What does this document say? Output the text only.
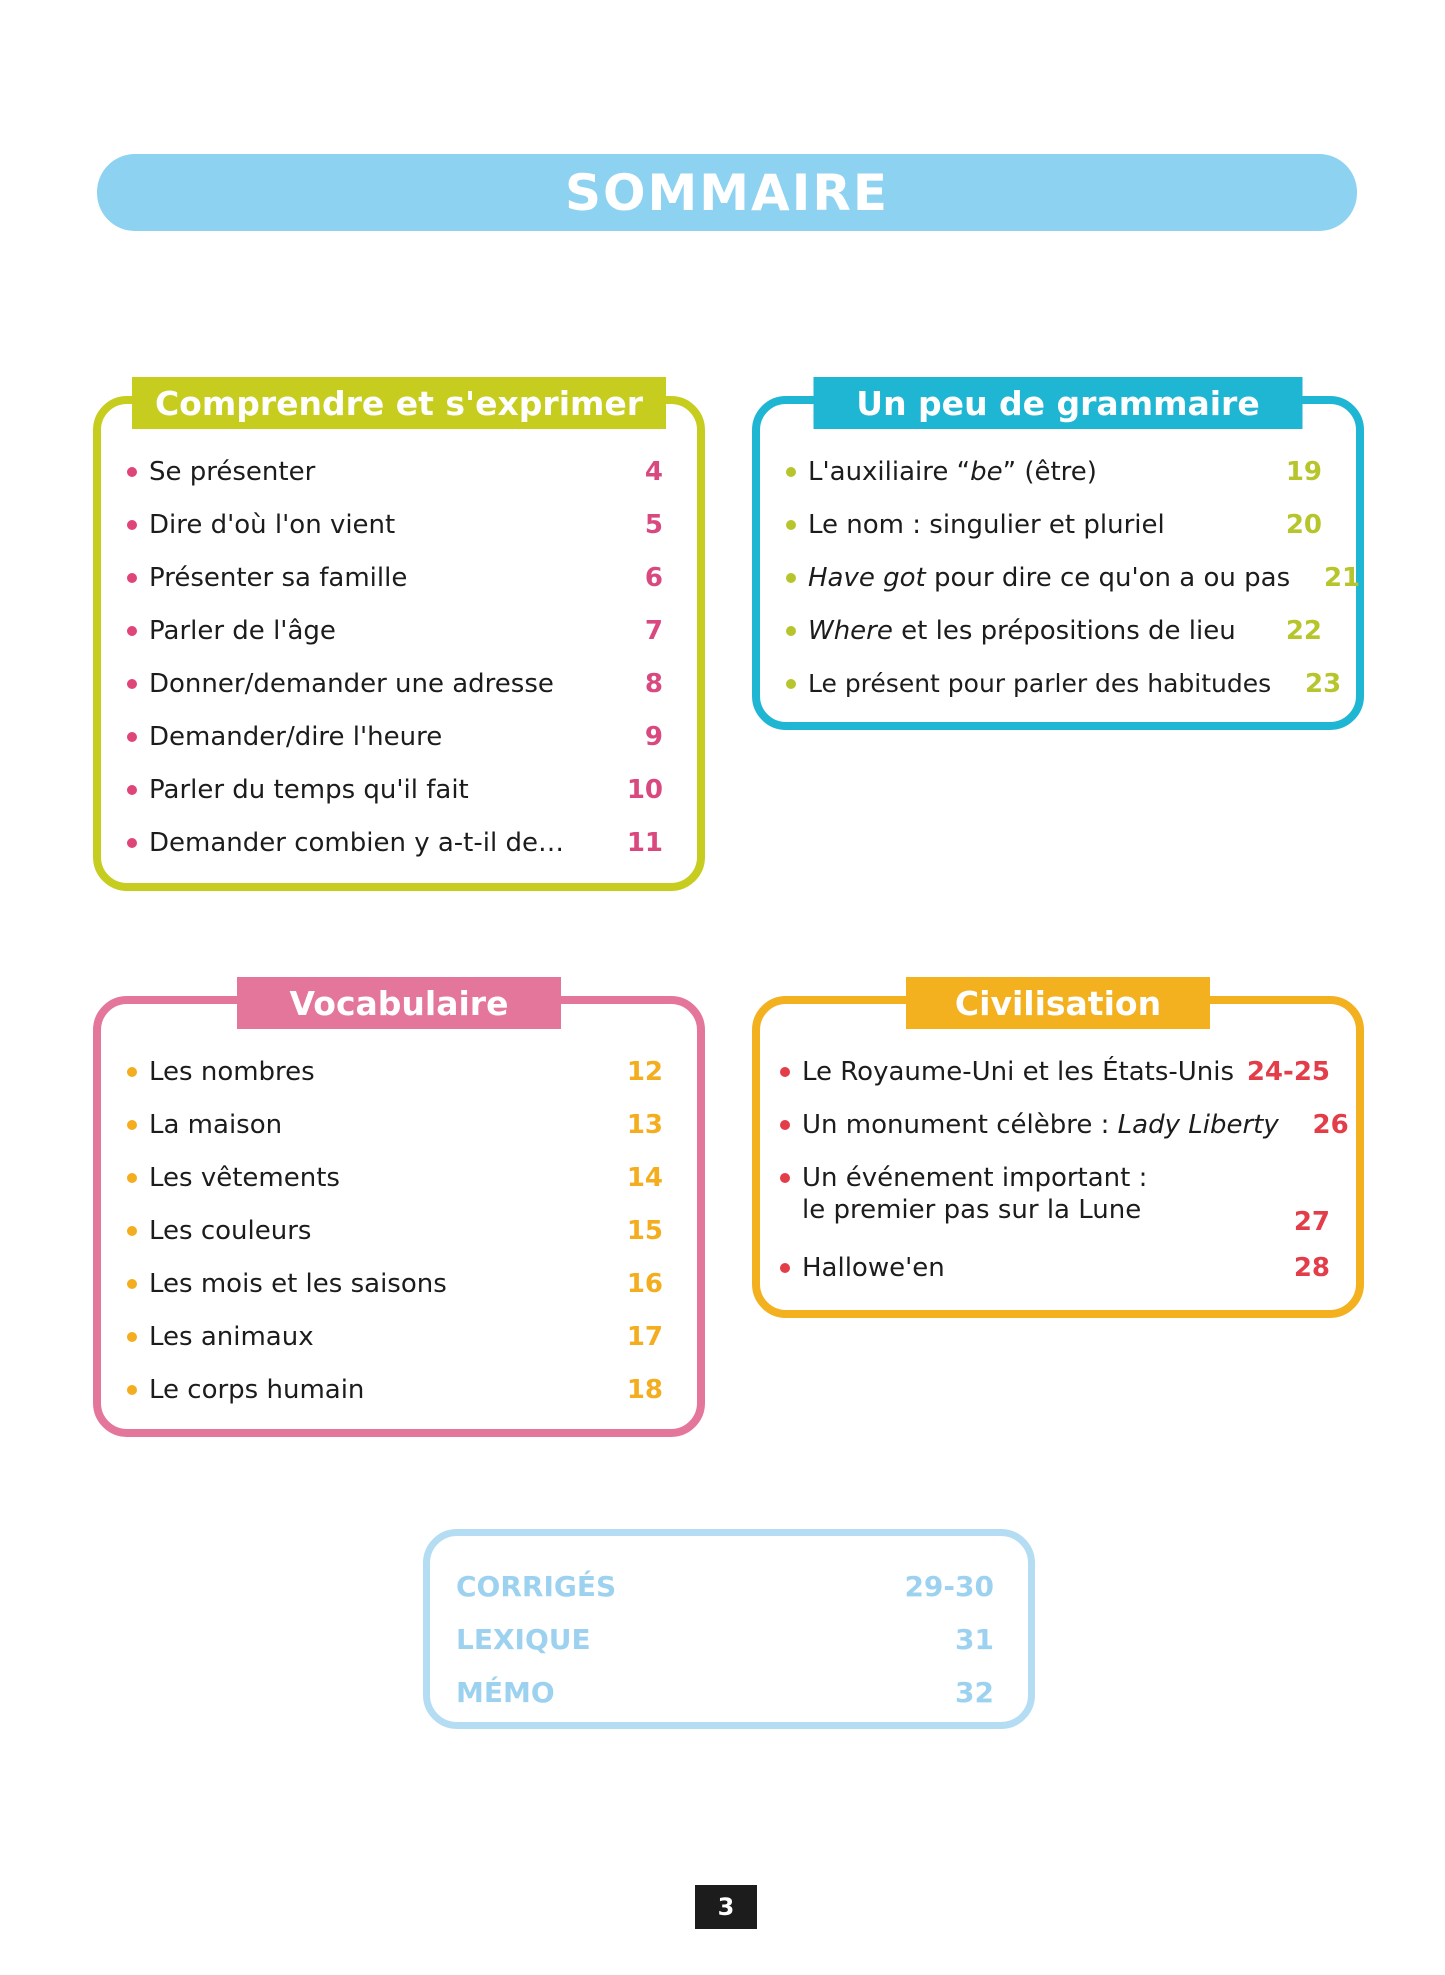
SOMMAIRE
Comprendre et s'exprimer
Se présenter	4
Dire d'où l'on vient	5
Présenter sa famille	6
Parler de l'âge	7
Donner/demander une adresse	8
Demander/dire l'heure	9
Parler du temps qu'il fait	10
Demander combien y a-t-il de…	11
Un peu de grammaire
L'auxiliaire “be” (être)	19
Le nom : singulier et pluriel	20
Have got pour dire ce qu'on a ou pas	21
Where et les prépositions de lieu	22
Le présent pour parler des habitudes	23
Vocabulaire
Les nombres	12
La maison	13
Les vêtements	14
Les couleurs	15
Les mois et les saisons	16
Les animaux	17
Le corps humain	18
Civilisation
Le Royaume-Uni et les États-Unis 24-25
Un monument célèbre : Lady Liberty	26
Un événement important :
le premier pas sur la Lune	27
Hallowe'en	28
CORRIGÉS	29-30
LEXIQUE	31
MÉMO	32
3
